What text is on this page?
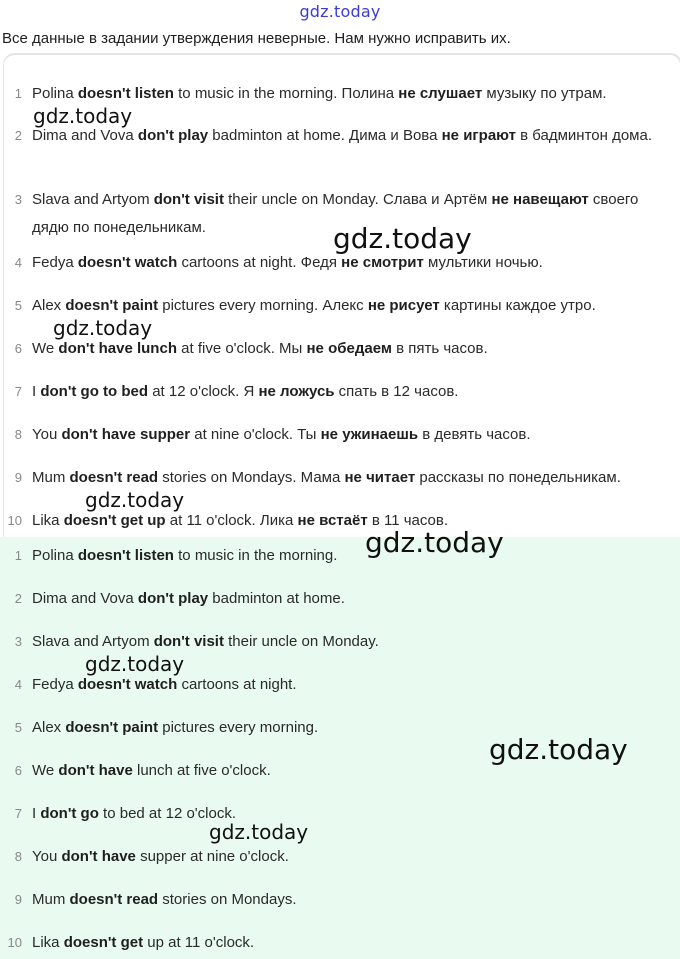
gdz.today
Все данные в задании утверждения неверные. Нам нужно исправить их.
1 Polina doesn't listen to music in the morning. Полина не слушает музыку по утрам.
2 Dima and Vova don't play badminton at home. Дима и Вова не играют в бадминтон дома.
3 Slava and Artyom don't visit their uncle on Monday. Слава и Артём не навещают своего дядю по понедельникам.
4 Fedya doesn't watch cartoons at night. Федя не смотрит мультики ночью.
5 Alex doesn't paint pictures every morning. Алекс не рисует картины каждое утро.
6 We don't have lunch at five o'clock. Мы не обедаем в пять часов.
7 I don't go to bed at 12 o'clock. Я не ложусь спать в 12 часов.
8 You don't have supper at nine o'clock. Ты не ужинаешь в девять часов.
9 Mum doesn't read stories on Mondays. Мама не читает рассказы по понедельникам.
10 Lika doesn't get up at 11 o'clock. Лика не встаёт в 11 часов.
1 Polina doesn't listen to music in the morning.
2 Dima and Vova don't play badminton at home.
3 Slava and Artyom don't visit their uncle on Monday.
4 Fedya doesn't watch cartoons at night.
5 Alex doesn't paint pictures every morning.
6 We don't have lunch at five o'clock.
7 I don't go to bed at 12 o'clock.
8 You don't have supper at nine o'clock.
9 Mum doesn't read stories on Mondays.
10 Lika doesn't get up at 11 o'clock.
gdz.today
gdz.today
gdz.today
gdz.today
gdz.today
gdz.today
gdz.today
gdz.today
